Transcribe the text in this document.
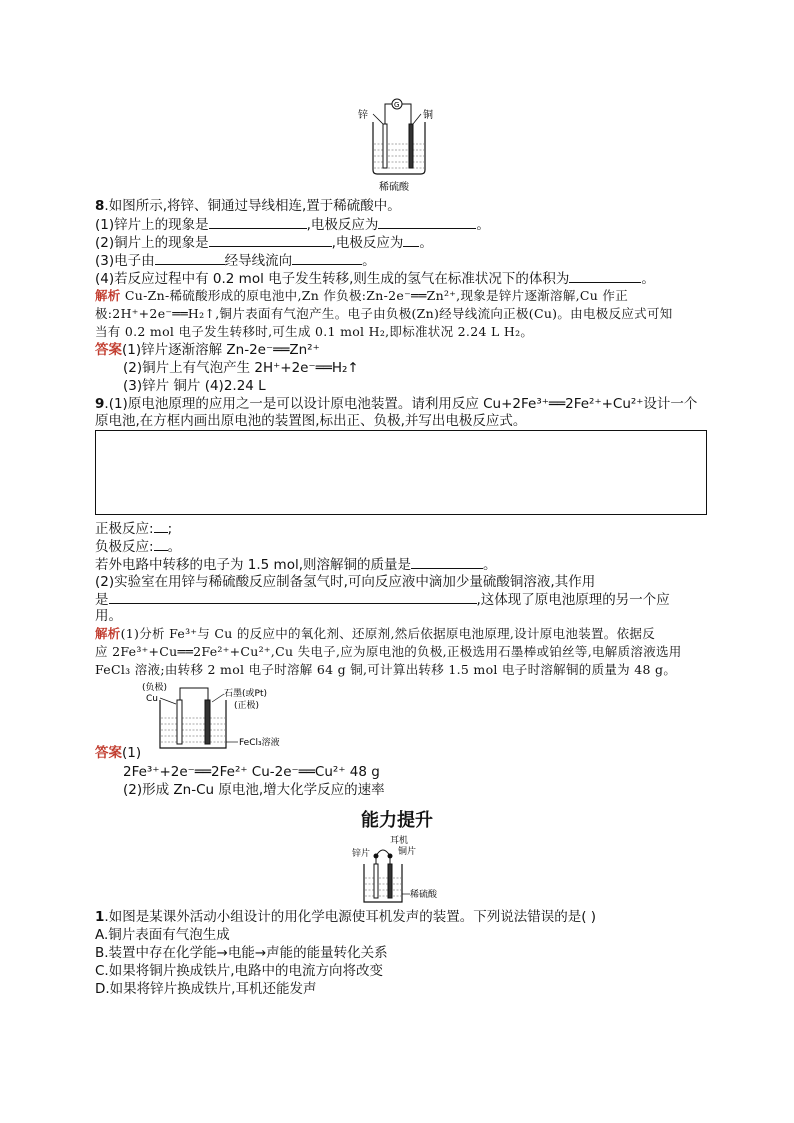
锌	铜
G
稀硫酸
8.如图所示,将锌、铜通过导线相连,置于稀硫酸中。
(1)锌片上的现象是	,电极反应为	。
(2)铜片上的现象是	,电极反应为 。
(3)电子由	经导线流向	。
(4)若反应过程中有 0.2 mol 电子发生转移,则生成的氢气在标准状况下的体积为	。
解析 Cu-Zn-稀硫酸形成的原电池中,Zn 作负极:Zn-2e⁻══Zn²⁺,现象是锌片逐渐溶解,Cu 作正
极:2H⁺+2e⁻══H₂↑,铜片表面有气泡产生。电子由负极(Zn)经导线流向正极(Cu)。由电极反应式可知
当有 0.2 mol 电子发生转移时,可生成 0.1 mol H₂,即标准状况 2.24 L H₂。
答案(1)锌片逐渐溶解 Zn-2e⁻══Zn²⁺
(2)铜片上有气泡产生 2H⁺+2e⁻══H₂↑
(3)锌片 铜片 (4)2.24 L
9.(1)原电池原理的应用之一是可以设计原电池装置。请利用反应 Cu+2Fe³⁺══2Fe²⁺+Cu²⁺设计一个
原电池,在方框内画出原电池的装置图,标出正、负极,并写出电极反应式。
正极反应: ;
负极反应: 。
若外电路中转移的电子为 1.5 mol,则溶解铜的质量是	。
(2)实验室在用锌与稀硫酸反应制备氢气时,可向反应液中滴加少量硫酸铜溶液,其作用
是	,这体现了原电池原理的另一个应
用。
解析(1)分析 Fe³⁺与 Cu 的反应中的氧化剂、还原剂,然后依据原电池原理,设计原电池装置。依据反
应 2Fe³⁺+Cu══2Fe²⁺+Cu²⁺,Cu 失电子,应为原电池的负极,正极选用石墨棒或铂丝等,电解质溶液选用
FeCl₃ 溶液;由转移 2 mol 电子时溶解 64 g 铜,可计算出转移 1.5 mol 电子时溶解铜的质量为 48 g。
(负极)
Cu	石墨(或Pt)
(正极)
FeCl₃溶液
答案(1)
2Fe³⁺+2e⁻══2Fe²⁺ Cu-2e⁻══Cu²⁺ 48 g
(2)形成 Zn-Cu 原电池,增大化学反应的速率
能力提升
耳机
锌片	铜片
稀硫酸
1.如图是某课外活动小组设计的用化学电源使耳机发声的装置。下列说法错误的是( )
A.铜片表面有气泡生成
B.装置中存在化学能→电能→声能的能量转化关系
C.如果将铜片换成铁片,电路中的电流方向将改变
D.如果将锌片换成铁片,耳机还能发声
